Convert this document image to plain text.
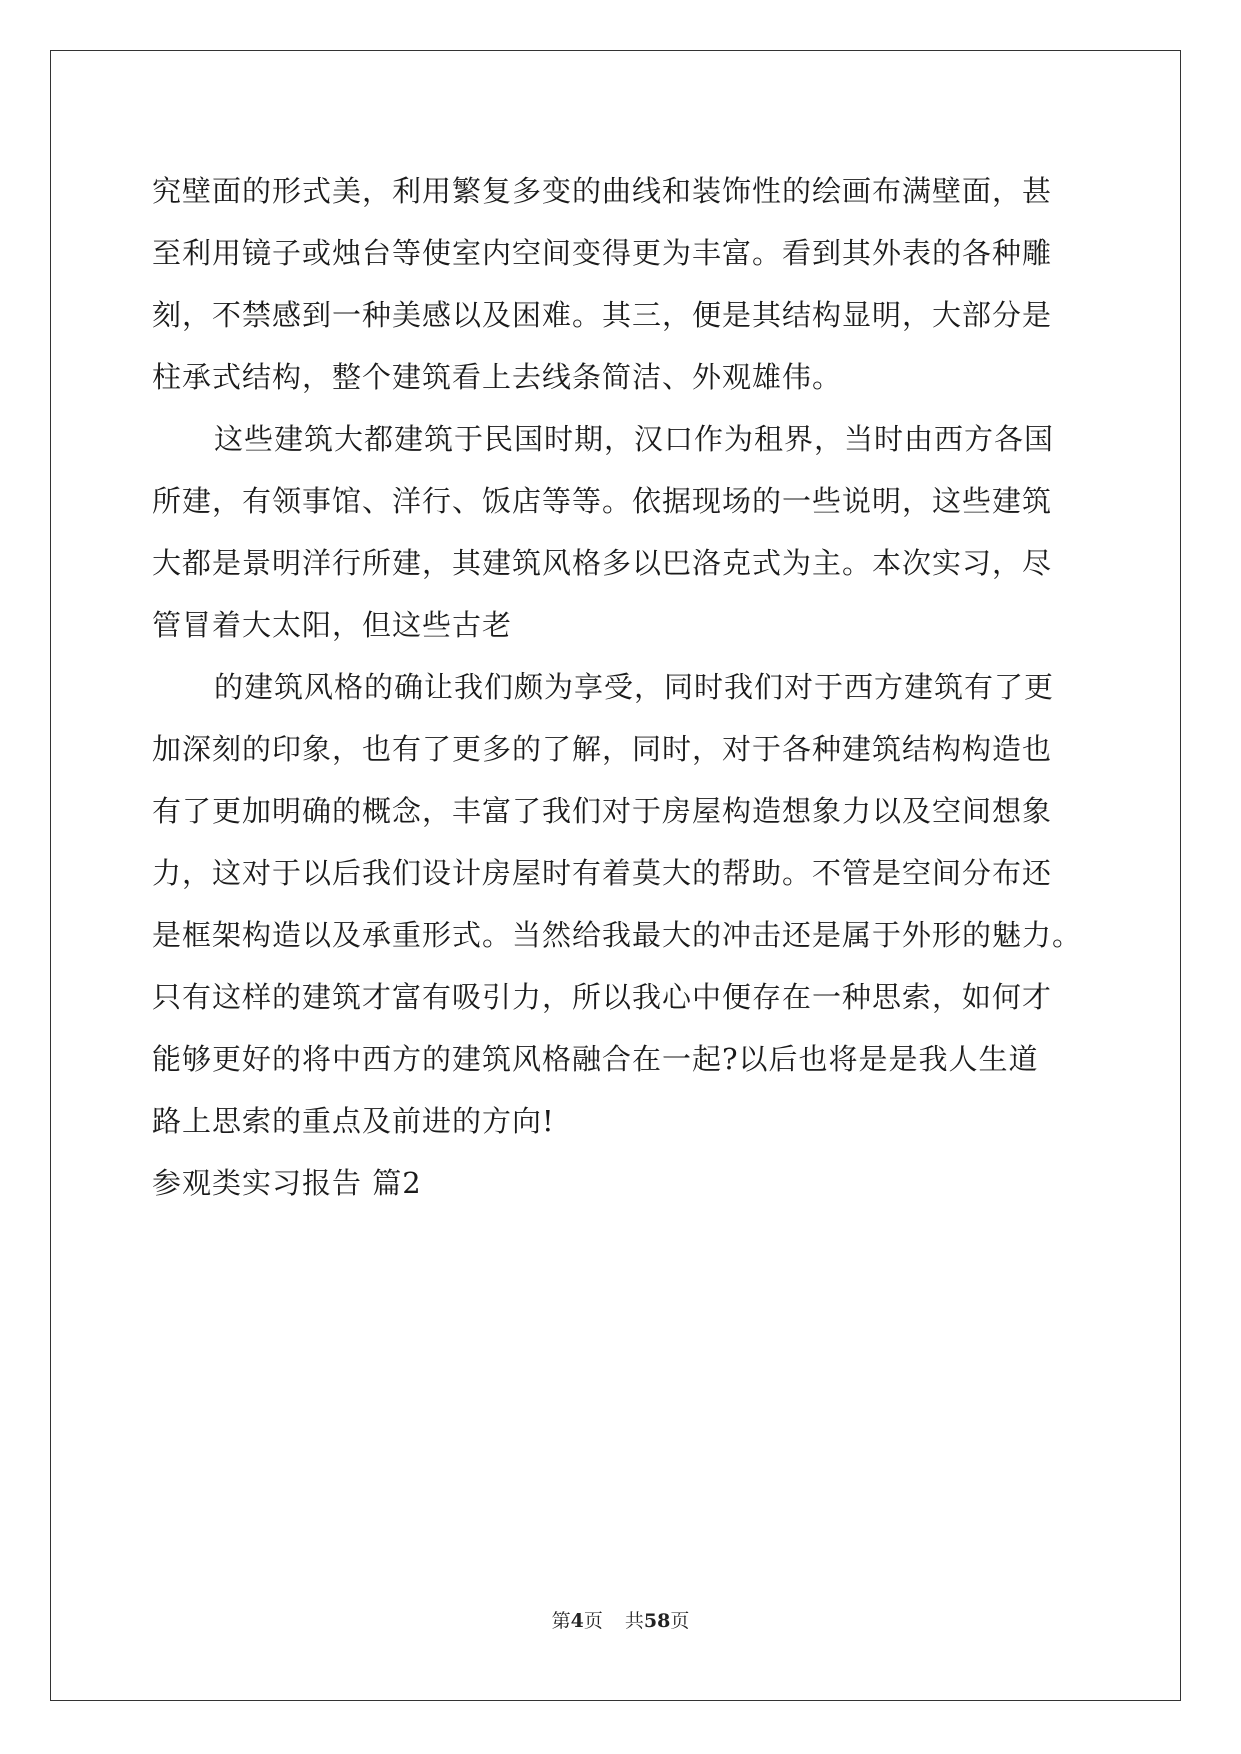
究壁面的形式美，利用繁复多变的曲线和装饰性的绘画布满壁面，甚
至利用镜子或烛台等使室内空间变得更为丰富。看到其外表的各种雕
刻，不禁感到一种美感以及困难。其三，便是其结构显明，大部分是
柱承式结构，整个建筑看上去线条简洁、外观雄伟。
这些建筑大都建筑于民国时期，汉口作为租界，当时由西方各国
所建，有领事馆、洋行、饭店等等。依据现场的一些说明，这些建筑
大都是景明洋行所建，其建筑风格多以巴洛克式为主。本次实习，尽
管冒着大太阳，但这些古老
的建筑风格的确让我们颇为享受，同时我们对于西方建筑有了更
加深刻的印象，也有了更多的了解，同时，对于各种建筑结构构造也
有了更加明确的概念，丰富了我们对于房屋构造想象力以及空间想象
力，这对于以后我们设计房屋时有着莫大的帮助。不管是空间分布还
是框架构造以及承重形式。当然给我最大的冲击还是属于外形的魅力。
只有这样的建筑才富有吸引力，所以我心中便存在一种思索，如何才
能够更好的将中西方的建筑风格融合在一起?以后也将是是我人生道
路上思索的重点及前进的方向!
参观类实习报告 篇2
第4页 共58页
